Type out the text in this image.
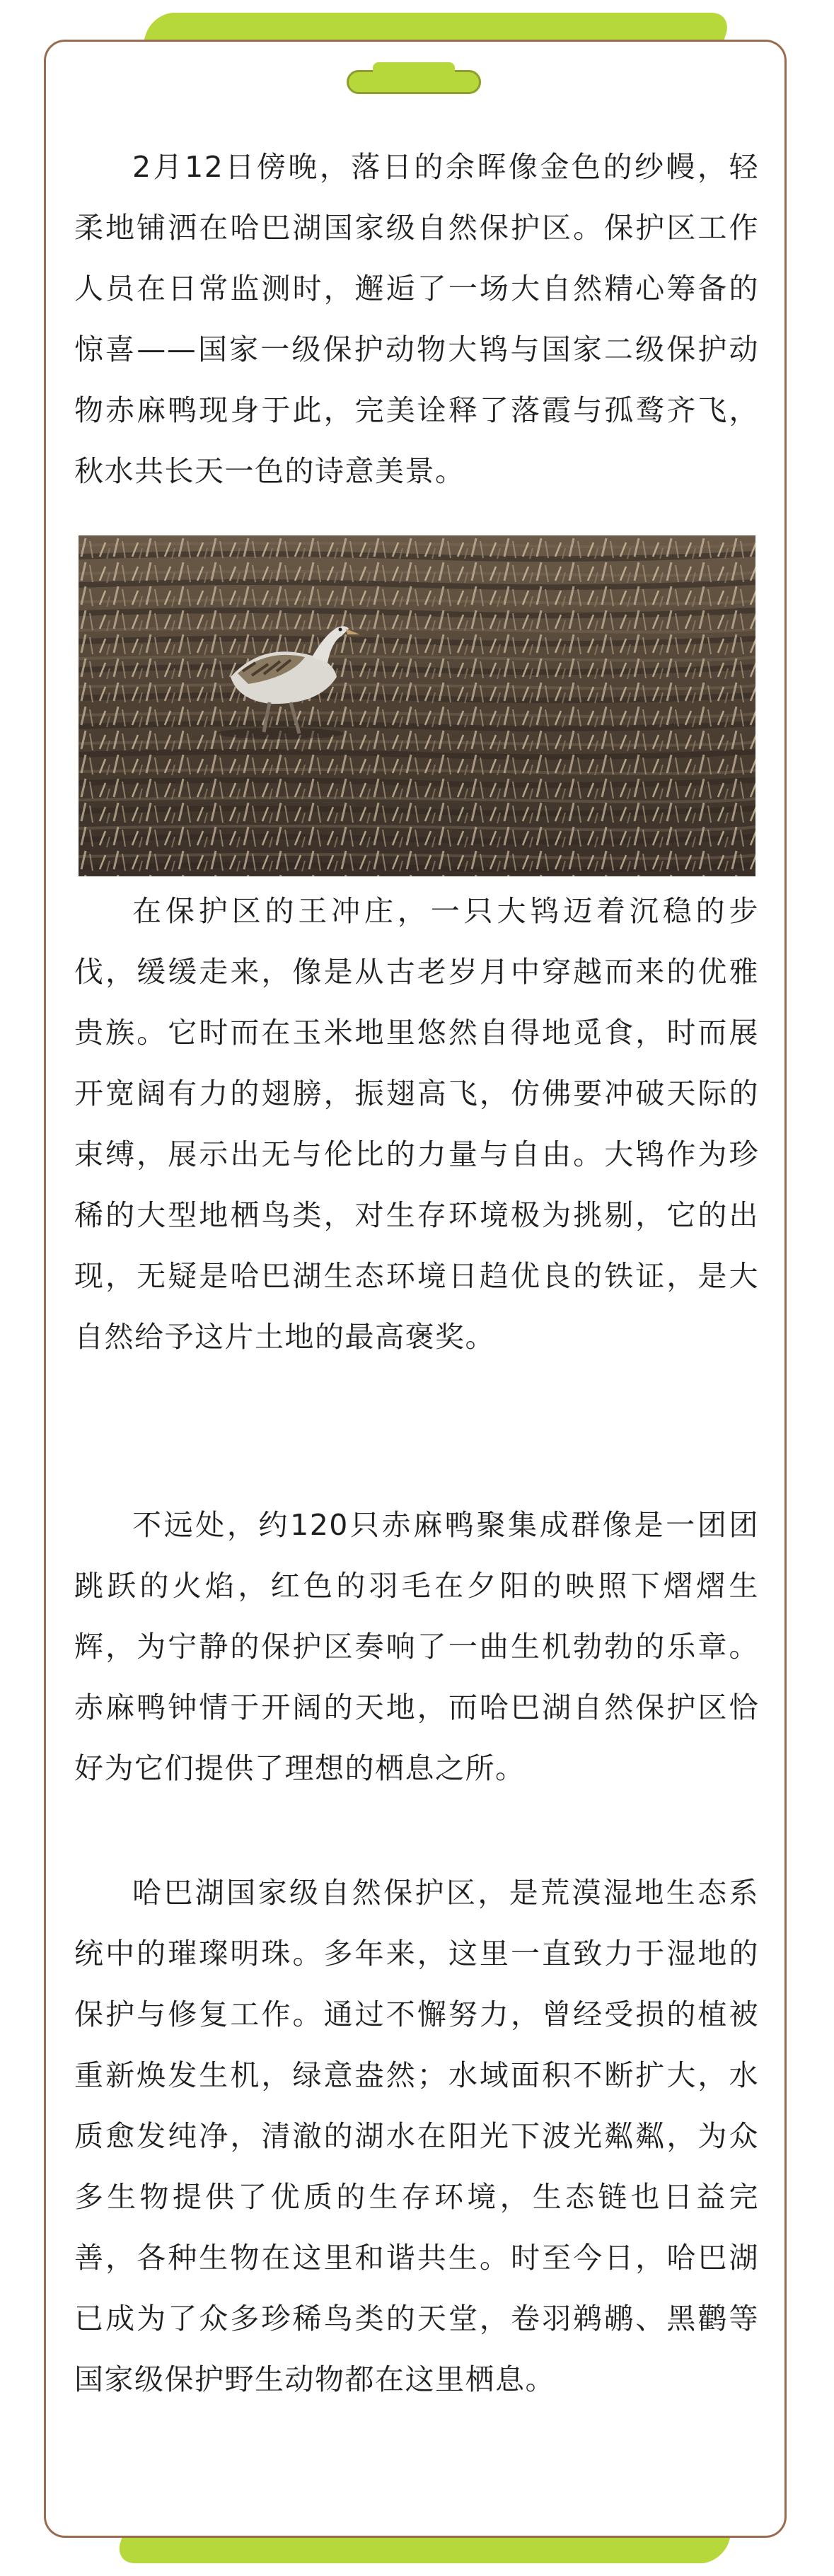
2月12日傍晚，落日的余晖像金色的纱幔，轻柔地铺洒在哈巴湖国家级自然保护区。保护区工作人员在日常监测时，邂逅了一场大自然精心筹备的惊喜——国家一级保护动物大鸨与国家二级保护动物赤麻鸭现身于此，完美诠释了落霞与孤鹜齐飞，秋水共长天一色的诗意美景。

在保护区的王冲庄，一只大鸨迈着沉稳的步伐，缓缓走来，像是从古老岁月中穿越而来的优雅贵族。它时而在玉米地里悠然自得地觅食，时而展开宽阔有力的翅膀，振翅高飞，仿佛要冲破天际的束缚，展示出无与伦比的力量与自由。大鸨作为珍稀的大型地栖鸟类，对生存环境极为挑剔，它的出现，无疑是哈巴湖生态环境日趋优良的铁证，是大自然给予这片土地的最高褒奖。

不远处，约120只赤麻鸭聚集成群像是一团团跳跃的火焰，红色的羽毛在夕阳的映照下熠熠生辉，为宁静的保护区奏响了一曲生机勃勃的乐章。赤麻鸭钟情于开阔的天地，而哈巴湖自然保护区恰好为它们提供了理想的栖息之所。

哈巴湖国家级自然保护区，是荒漠湿地生态系统中的璀璨明珠。多年来，这里一直致力于湿地的保护与修复工作。通过不懈努力，曾经受损的植被重新焕发生机，绿意盎然；水域面积不断扩大，水质愈发纯净，清澈的湖水在阳光下波光粼粼，为众多生物提供了优质的生存环境，生态链也日益完善，各种生物在这里和谐共生。时至今日，哈巴湖已成为了众多珍稀鸟类的天堂，卷羽鹈鹕、黑鹳等国家级保护野生动物都在这里栖息。
